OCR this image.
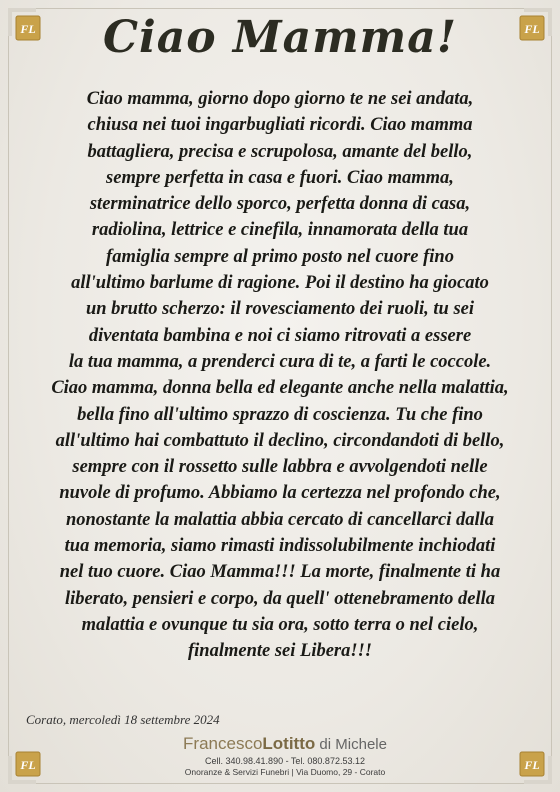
FL	FL
FL	FL
Ciao Mamma!
Ciao mamma, giorno dopo giorno te ne sei andata,
chiusa nei tuoi ingarbugliati ricordi. Ciao mamma
battagliera, precisa e scrupolosa, amante del bello,
sempre perfetta in casa e fuori. Ciao mamma,
sterminatrice dello sporco, perfetta donna di casa,
radiolina, lettrice e cinefila, innamorata della tua
famiglia sempre al primo posto nel cuore fino
all'ultimo barlume di ragione. Poi il destino ha giocato
un brutto scherzo: il rovesciamento dei ruoli, tu sei
diventata bambina e noi ci siamo ritrovati a essere
la tua mamma, a prenderci cura di te, a farti le coccole.
Ciao mamma, donna bella ed elegante anche nella malattia,
bella fino all'ultimo sprazzo di coscienza. Tu che fino
all'ultimo hai combattuto il declino, circondandoti di bello,
sempre con il rossetto sulle labbra e avvolgendoti nelle
nuvole di profumo. Abbiamo la certezza nel profondo che,
nonostante la malattia abbia cercato di cancellarci dalla
tua memoria, siamo rimasti indissolubilmente inchiodati
nel tuo cuore. Ciao Mamma!!! La morte, finalmente ti ha
liberato, pensieri e corpo, da quell' ottenebramento della
malattia e ovunque tu sia ora, sotto terra o nel cielo,
finalmente sei Libera!!!
Corato, mercoledì 18 settembre 2024
FrancescoLotitto di Michele
Cell. 340.98.41.890 - Tel. 080.872.53.12
Onoranze & Servizi Funebri | Via Duomo, 29 - Corato
